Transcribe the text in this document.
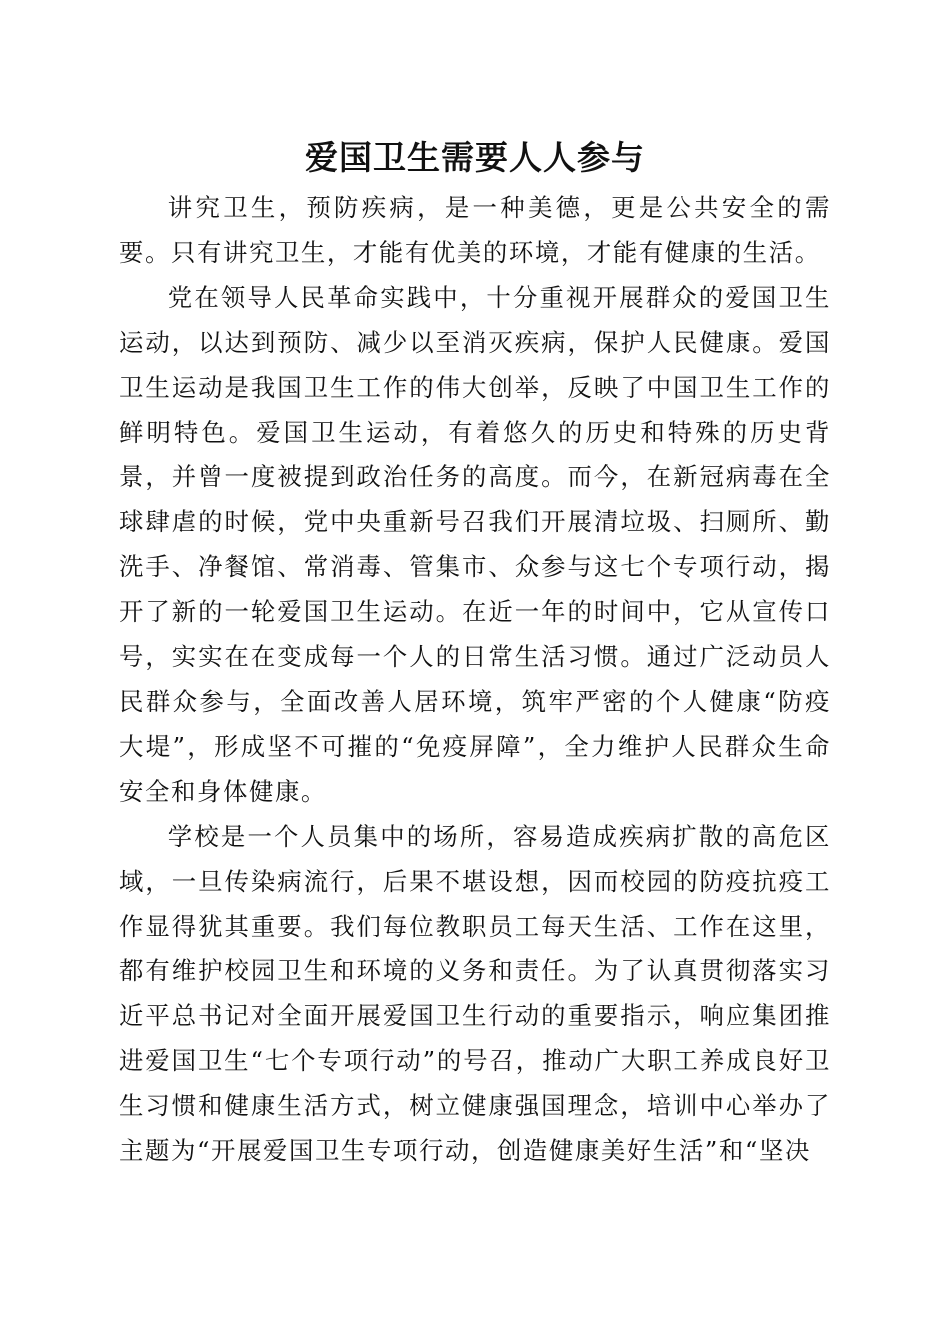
爱国卫生需要人人参与

讲究卫生，预防疾病，是一种美德，更是公共安全的需要。只有讲究卫生，才能有优美的环境，才能有健康的生活。

党在领导人民革命实践中，十分重视开展群众的爱国卫生运动，以达到预防、减少以至消灭疾病，保护人民健康。爱国卫生运动是我国卫生工作的伟大创举，反映了中国卫生工作的鲜明特色。爱国卫生运动，有着悠久的历史和特殊的历史背景，并曾一度被提到政治任务的高度。而今，在新冠病毒在全球肆虐的时候，党中央重新号召我们开展清垃圾、扫厕所、勤洗手、净餐馆、常消毒、管集市、众参与这七个专项行动，揭开了新的一轮爱国卫生运动。在近一年的时间中，它从宣传口号，实实在在变成每一个人的日常生活习惯。通过广泛动员人民群众参与，全面改善人居环境，筑牢严密的个人健康“防疫大堤”，形成坚不可摧的“免疫屏障”，全力维护人民群众生命安全和身体健康。

学校是一个人员集中的场所，容易造成疾病扩散的高危区域，一旦传染病流行，后果不堪设想，因而校园的防疫抗疫工作显得犹其重要。我们每位教职员工每天生活、工作在这里，都有维护校园卫生和环境的义务和责任。为了认真贯彻落实习近平总书记对全面开展爱国卫生行动的重要指示，响应集团推进爱国卫生“七个专项行动”的号召，推动广大职工养成良好卫生习惯和健康生活方式，树立健康强国理念，培训中心举办了主题为“开展爱国卫生专项行动，创造健康美好生活”和“坚决
